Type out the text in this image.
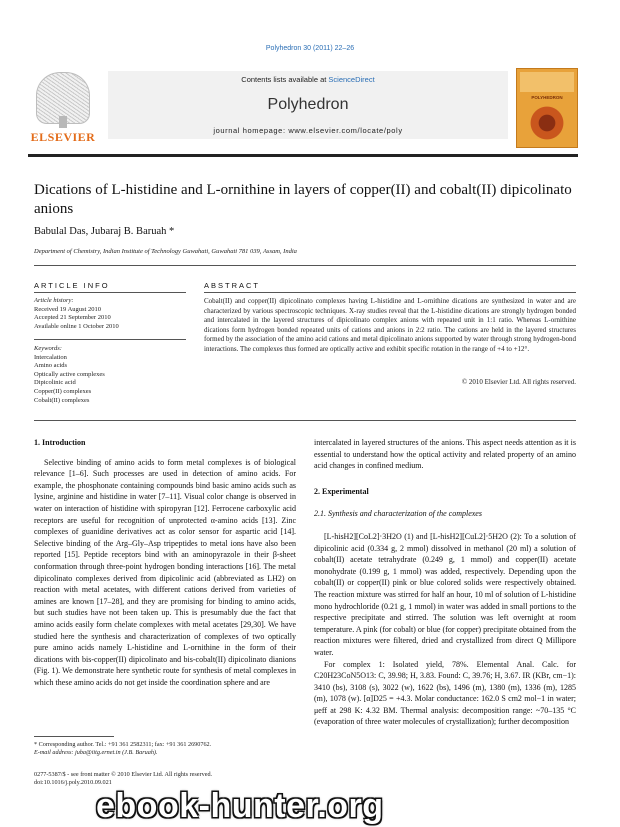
Polyhedron 30 (2011) 22–26
ELSEVIER
Contents lists available at ScienceDirect
Polyhedron
journal homepage: www.elsevier.com/locate/poly
POLYHEDRON
Dications of L-histidine and L-ornithine in layers of copper(II) and cobalt(II) dipicolinato anions
Babulal Das, Jubaraj B. Baruah *
Department of Chemistry, Indian Institute of Technology Guwahati, Guwahati 781 039, Assam, India
ARTICLE INFO
Article history:
Received 19 August 2010
Accepted 21 September 2010
Available online 1 October 2010
Keywords:
Intercalation
Amino acids
Optically active complexes
Dipicolinic acid
Copper(II) complexes
Cobalt(II) complexes
ABSTRACT
Cobalt(II) and copper(II) dipicolinato complexes having L-histidine and L-ornithine dications are synthesized in water and are characterized by various spectroscopic techniques. X-ray studies reveal that the L-histidine dications are strongly hydrogen bonded and intercalated in the layered structures of dipicolinato complex anions with repeated unit in 1:1 ratio. Whereas L-ornithine dications form hydrogen bonded repeated units of cations and anions in 2:2 ratio. The cations are held in the layered structures formed by the association of the amino acid cations and metal dipicolinato anions supported by water through strong hydrogen-bond interactions. The complexes thus formed are optically active and exhibit specific rotation in the range of +4 to +12°.
© 2010 Elsevier Ltd. All rights reserved.
1. Introduction

Selective binding of amino acids to form metal complexes is of biological relevance [1–6]. Such processes are used in detection of amino acids. For example, the phosphonate containing compounds bind basic amino acids such as lysine, arginine and histidine in water [7–11]. Visual color change is observed in water on interaction of histidine with spiropyran [12]. Ferrocene carboxylic acid receptors are useful for recognition of unprotected α-amino acids [13]. Zinc complexes of guanidine derivatives act as color sensor for aspartic acid [14]. Selective binding of the Arg–Gly–Asp tripeptides to metal ions have also been reported [15]. Peptide receptors bind with an aminopyrazole in their β-sheet conformation through three-point hydrogen bonding interactions [16]. The metal dipicolinato complexes derived from dipicolinic acid (abbreviated as LH2) on reaction with metal acetates, with different cations derived from varieties of amines are known [17–28], and they are promising for binding to amino acids, but such studies have not been taken up. This is presumably due the fact that amino acids easily form chelate complexes with metal acetates [29,30]. We have studied here the synthesis and characterization of complexes of two optically pure amino acids namely L-histidine and L-ornithine in the form of their dications with bis-copper(II) dipicolinato and bis-cobalt(II) dipicolinato dianions (Fig. 1). We demonstrate here synthetic route for synthesis of metal complexes in which these amino acids do not get inside the coordination sphere and are

intercalated in layered structures of the anions. This aspect needs attention as it is essential to understand how the optical activity and related property of an amino acid changes in confined medium.

2. Experimental
2.1. Synthesis and characterization of the complexes

[L-hisH2][CoL2]·3H2O (1) and [L-hisH2][CuL2]·5H2O (2): To a solution of dipicolinic acid (0.334 g, 2 mmol) dissolved in methanol (20 ml) a solution of cobalt(II) acetate tetrahydrate (0.249 g, 1 mmol) and copper(II) acetate monohydrate (0.199 g, 1 mmol) was added, respectively. Depending upon the cobalt(II) or copper(II) pink or blue colored solids were respectively obtained. The reaction mixture was stirred for half an hour, 10 ml of solution of L-histidine mono hydrochloride (0.21 g, 1 mmol) in water was added in small portions to the respective precipitate and stirred. The solution was left overnight at room temperature. A pink (for cobalt) or blue (for copper) precipitate obtained from the reaction mixtures were filtered, dried and crystallized from direct Q Millipore water.

For complex 1: Isolated yield, 78%. Elemental Anal. Calc. for C20H23CoN5O13: C, 39.98; H, 3.83. Found: C, 39.76; H, 3.67. IR (KBr, cm−1): 3410 (bs), 3108 (s), 3022 (w), 1622 (bs), 1496 (m), 1380 (m), 1336 (m), 1285 (m), 1078 (w). [α]D25 = +4.3. Molar conductance: 162.0 S cm2 mol−1 in water; μeff at 298 K: 4.32 BM. Thermal analysis: decomposition range: ~70–135 °C (evaporation of three water molecules of crystallization); further decomposition

* Corresponding author. Tel.: +91 361 2582311; fax: +91 361 2690762.
E-mail address: juba@iitg.ernet.in (J.B. Baruah).
0277-5387/$ - see front matter © 2010 Elsevier Ltd. All rights reserved.
doi:10.1016/j.poly.2010.09.021
ebook-hunter.org
